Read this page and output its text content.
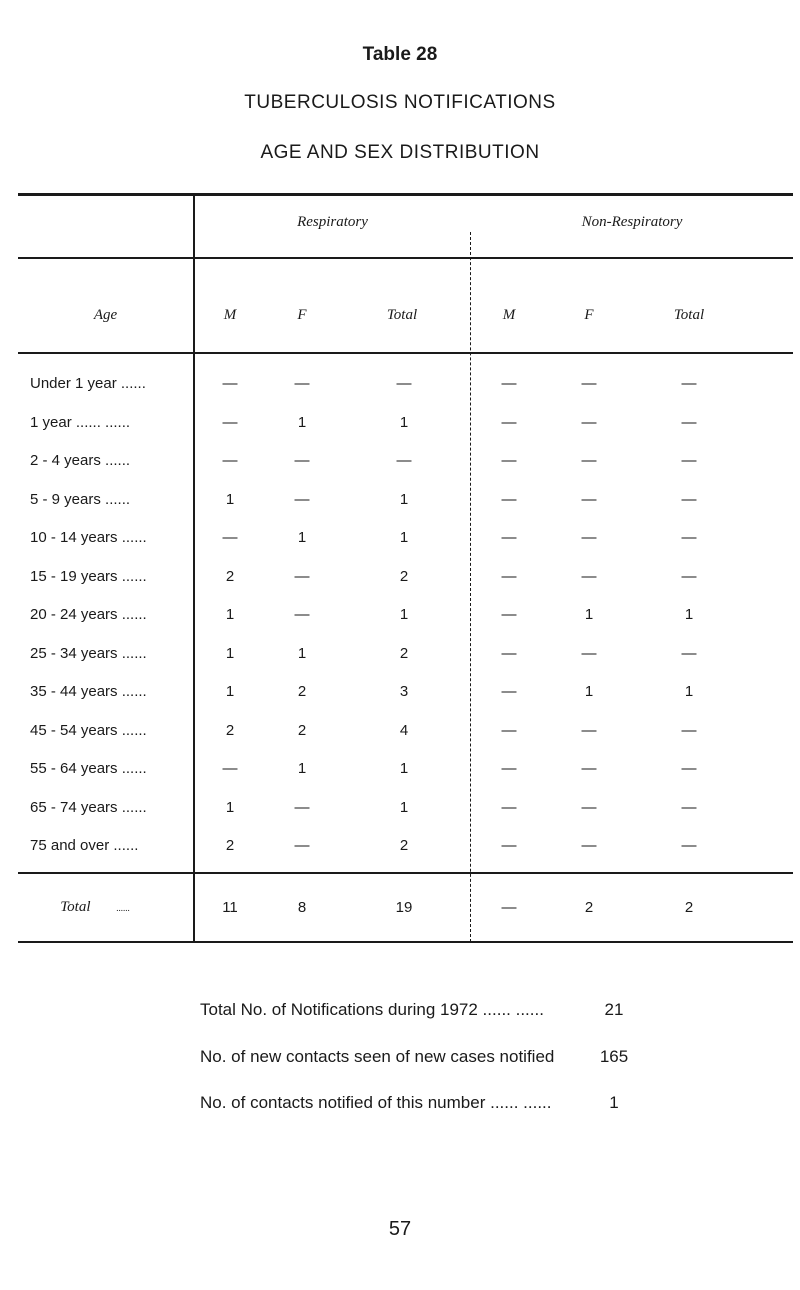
Table 28
TUBERCULOSIS NOTIFICATIONS
AGE AND SEX DISTRIBUTION
Respiratory	Non-Respiratory
Age	M	F	Total	M	F	Total
Under 1 year ......	—	—	—	—	—	—
1 year ...... ......	—	1	1	—	—	—
2 - 4 years ......	—	—	—	—	—	—
5 - 9 years ......	1	—	1	—	—	—
10 - 14 years ......	—	1	1	—	—	—
15 - 19 years ......	2	—	2	—	—	—
20 - 24 years ......	1	—	1	—	1	1
25 - 34 years ......	1	1	2	—	—	—
35 - 44 years ......	1	2	3	—	1	1
45 - 54 years ......	2	2	4	—	—	—
55 - 64 years ......	—	1	1	—	—	—
65 - 74 years ......	1	—	1	—	—	—
75 and over ......	2	—	2	—	—	—
Total	......	11	8	19	—	2	2
Total No. of Notifications during 1972 ...... ......	21
No. of new contacts seen of new cases notified	165
No. of contacts notified of this number ...... ......	1
57
